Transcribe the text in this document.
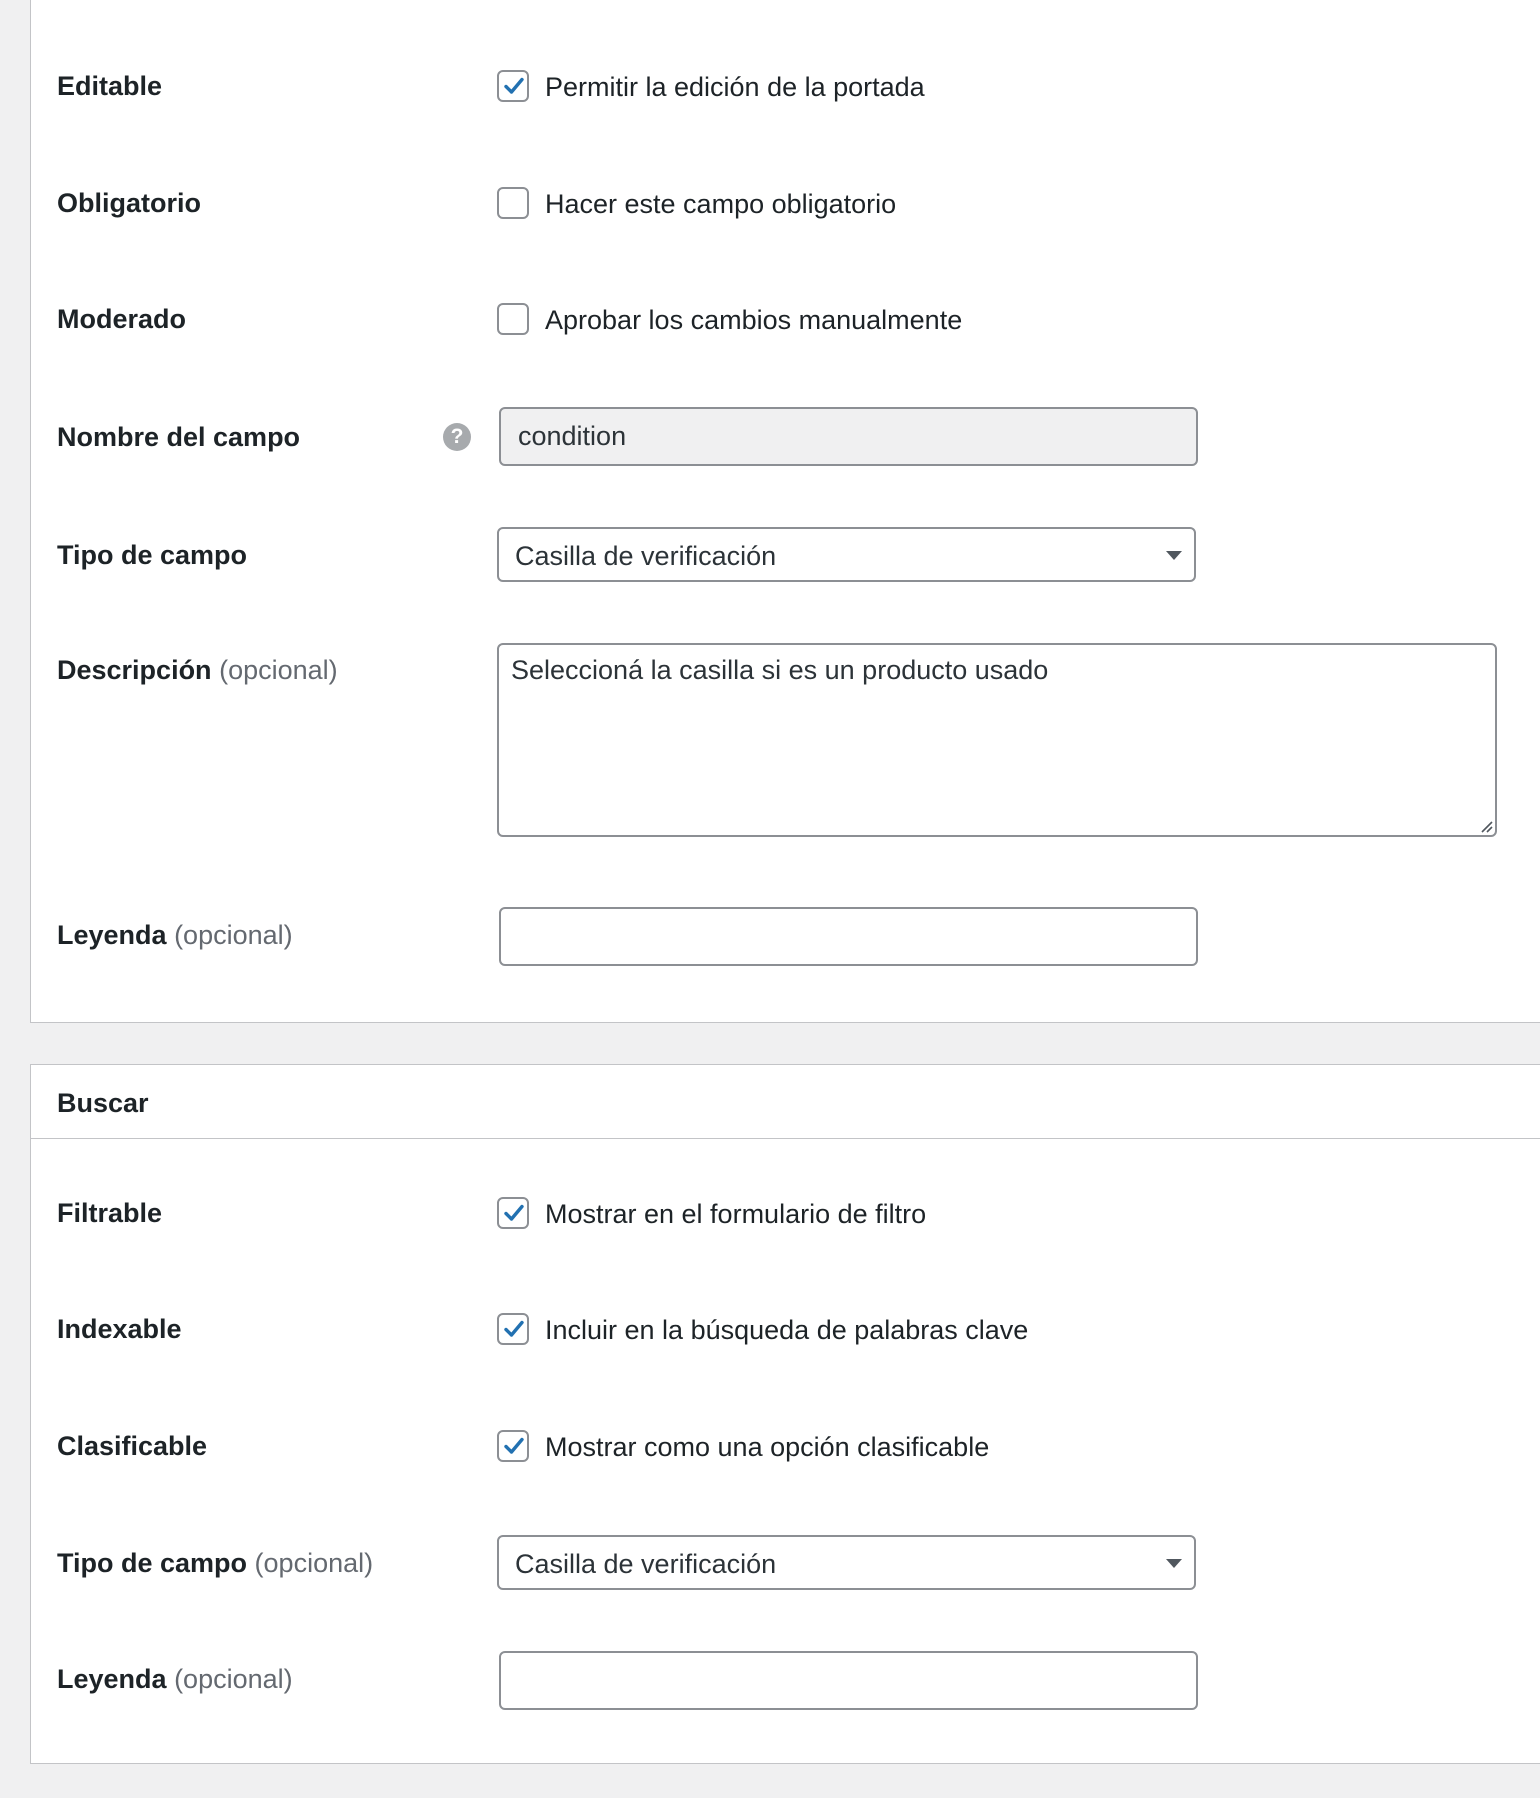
Editable	Permitir la edición de la portada
Obligatorio	Hacer este campo obligatorio
Moderado	Aprobar los cambios manualmente
Nombre del campo	?	condition
Tipo de campo	Casilla de verificación
Descripción (opcional)	Seleccioná la casilla si es un producto usado
Leyenda (opcional)
Buscar
Filtrable	Mostrar en el formulario de filtro
Indexable	Incluir en la búsqueda de palabras clave
Clasificable	Mostrar como una opción clasificable
Tipo de campo (opcional)	Casilla de verificación
Leyenda (opcional)
